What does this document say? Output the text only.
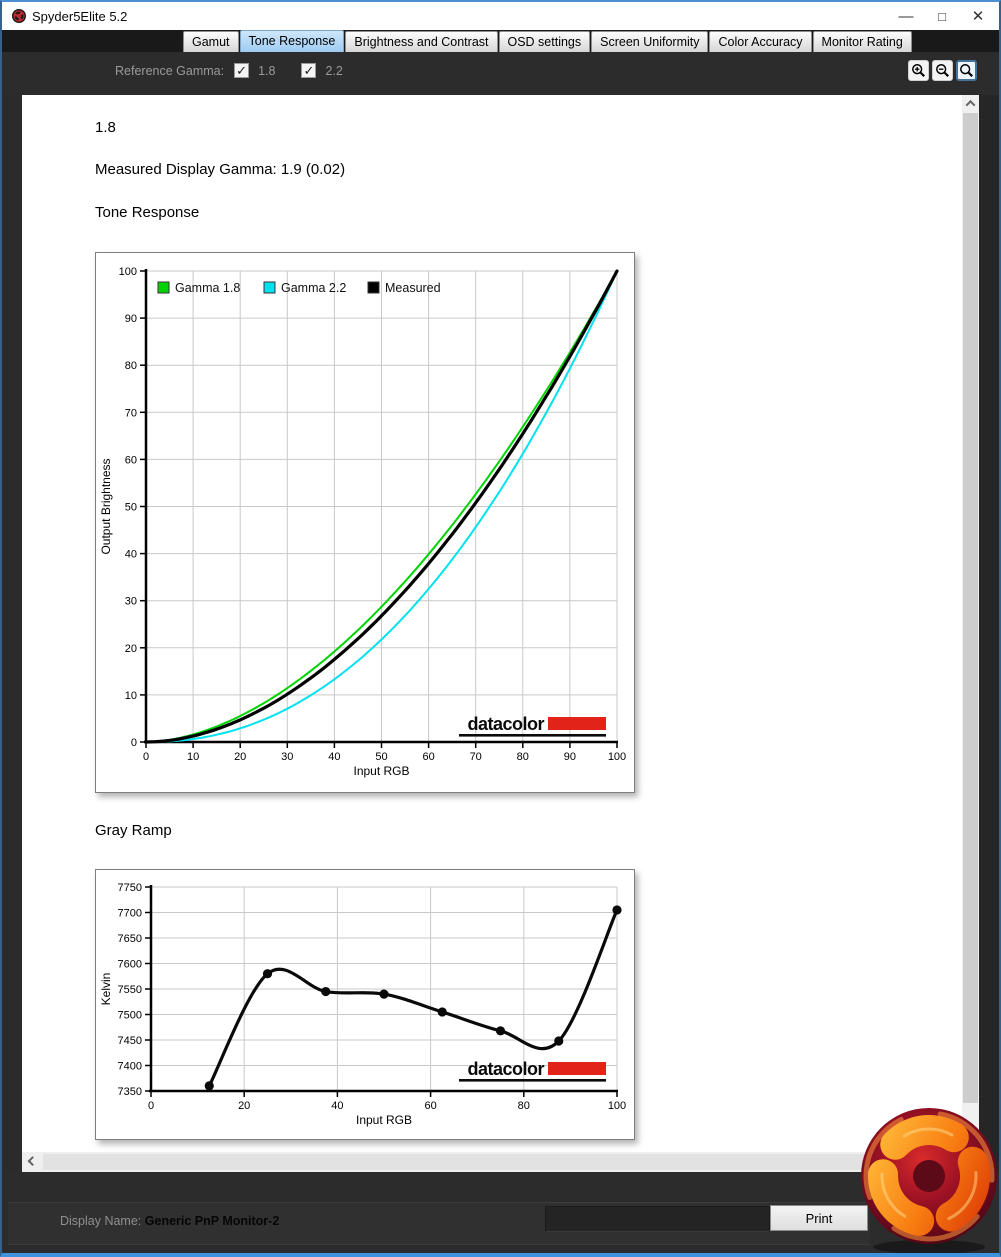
Spyder5Elite 5.2	—	□	✕
Gamut	Tone Response	Brightness and Contrast	OSD settings	Screen Uniformity	Color Accuracy	Monitor Rating
Reference Gamma: ✓ 1.8 ✓ 2.2
1.8
Measured Display Gamma: 1.9 (0.02)
Tone Response
0
10
20
30
40
50
60
70
80
90
100
0	10	20	30	40	50	60	70	80	90	100
Input RGB
Output Brightness
datacolor
Gamma 1.8	Gamma 2.2	Measured
Gray Ramp
7350
7400
7450
7500
7550
7600
7650
7700
7750
0	20	40	60	80	100
Input RGB
Kelvin
datacolor
Display Name: Generic PnP Monitor-2	Print
